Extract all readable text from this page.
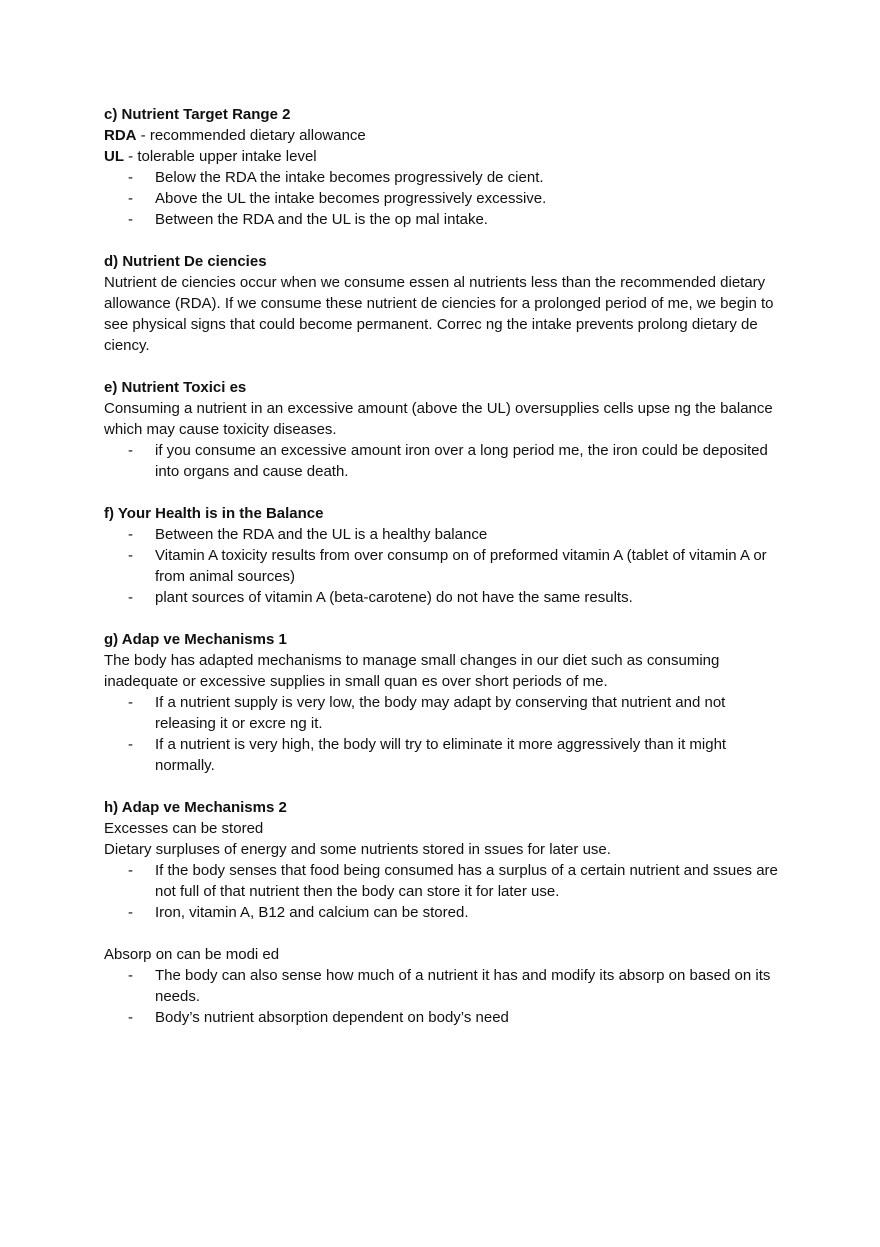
c) Nutrient Target Range 2
RDA - recommended dietary allowance
UL - tolerable upper intake level
- Below the RDA the intake becomes progressively de cient.
- Above the UL the intake becomes progressively excessive.
- Between the RDA and the UL is the op mal intake.
d) Nutrient De ciencies
Nutrient de ciencies occur when we consume essen al nutrients less than the recommended dietary allowance (RDA). If we consume these nutrient de ciencies for a prolonged period of me, we begin to see physical signs that could become permanent. Correc ng the intake prevents prolong dietary de ciency.
e) Nutrient Toxici es
Consuming a nutrient in an excessive amount (above the UL) oversupplies cells upse ng the balance which may cause toxicity diseases.
- if you consume an excessive amount iron over a long period me, the iron could be deposited into organs and cause death.
f) Your Health is in the Balance
- Between the RDA and the UL is a healthy balance
- Vitamin A toxicity results from over consump on of preformed vitamin A (tablet of vitamin A or from animal sources)
- plant sources of vitamin A (beta-carotene) do not have the same results.
g) Adap ve Mechanisms 1
The body has adapted mechanisms to manage small changes in our diet such as consuming inadequate or excessive supplies in small quan es over short periods of me.
- If a nutrient supply is very low, the body may adapt by conserving that nutrient and not releasing it or excre ng it.
- If a nutrient is very high, the body will try to eliminate it more aggressively than it might normally.
h) Adap ve Mechanisms 2
Excesses can be stored
Dietary surpluses of energy and some nutrients stored in ssues for later use.
- If the body senses that food being consumed has a surplus of a certain nutrient and ssues are not full of that nutrient then the body can store it for later use.
- Iron, vitamin A, B12 and calcium can be stored.
Absorp on can be modi ed
- The body can also sense how much of a nutrient it has and modify its absorp on based on its needs.
- Body’s nutrient absorption dependent on body’s need
